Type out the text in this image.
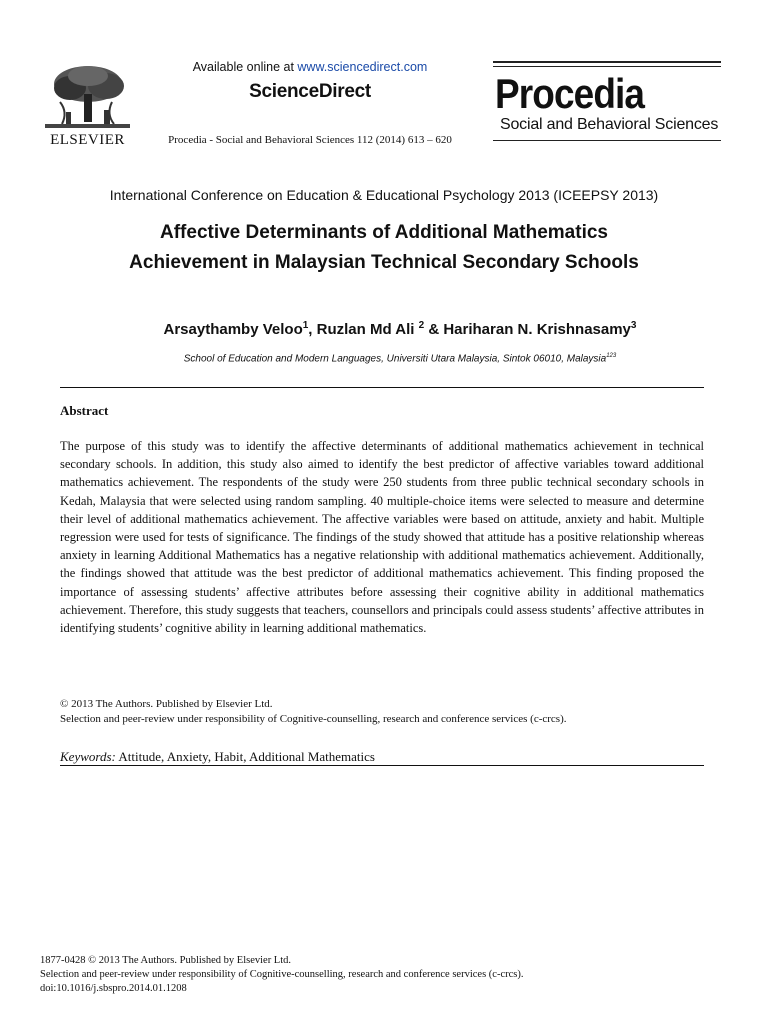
ELSEVIER
Available online at www.sciencedirect.com
ScienceDirect
Procedia - Social and Behavioral Sciences 112 (2014) 613 – 620
Procedia
Social and Behavioral Sciences
International Conference on Education & Educational Psychology 2013 (ICEEPSY 2013)
Affective Determinants of Additional Mathematics
Achievement in Malaysian Technical Secondary Schools
Arsaythamby Veloo$^1$, Ruzlan Md Ali $^2$ & Hariharan N. Krishnasamy$^3$
School of Education and Modern Languages, Universiti Utara Malaysia, Sintok 06010, Malaysia$^{123}$
Abstract
The purpose of this study was to identify the affective determinants of additional mathematics achievement in technical secondary schools. In addition, this study also aimed to identify the best predictor of affective variables toward additional mathematics achievement. The respondents of the study were 250 students from three public technical secondary schools in Kedah, Malaysia that were selected using random sampling. 40 multiple-choice items were selected to measure and determine their level of additional mathematics achievement. The affective variables were based on attitude, anxiety and habit. Multiple regression were used for tests of significance. The findings of the study showed that attitude has a positive relationship whereas anxiety in learning Additional Mathematics has a negative relationship with additional mathematics achievement. Additionally, the findings showed that attitude was the best predictor of additional mathematics achievement. This finding proposed the importance of assessing students’ affective attributes before assessing their cognitive ability in additional mathematics achievement. Therefore, this study suggests that teachers, counsellors and principals could assess students’ affective attributes in identifying students’ cognitive ability in learning additional mathematics.
© 2013 The Authors. Published by Elsevier Ltd.
Selection and peer-review under responsibility of Cognitive-counselling, research and conference services (c-crcs).
Keywords: Attitude, Anxiety, Habit, Additional Mathematics
1877-0428 © 2013 The Authors. Published by Elsevier Ltd.
Selection and peer-review under responsibility of Cognitive-counselling, research and conference services (c-crcs).
doi:10.1016/j.sbspro.2014.01.1208
